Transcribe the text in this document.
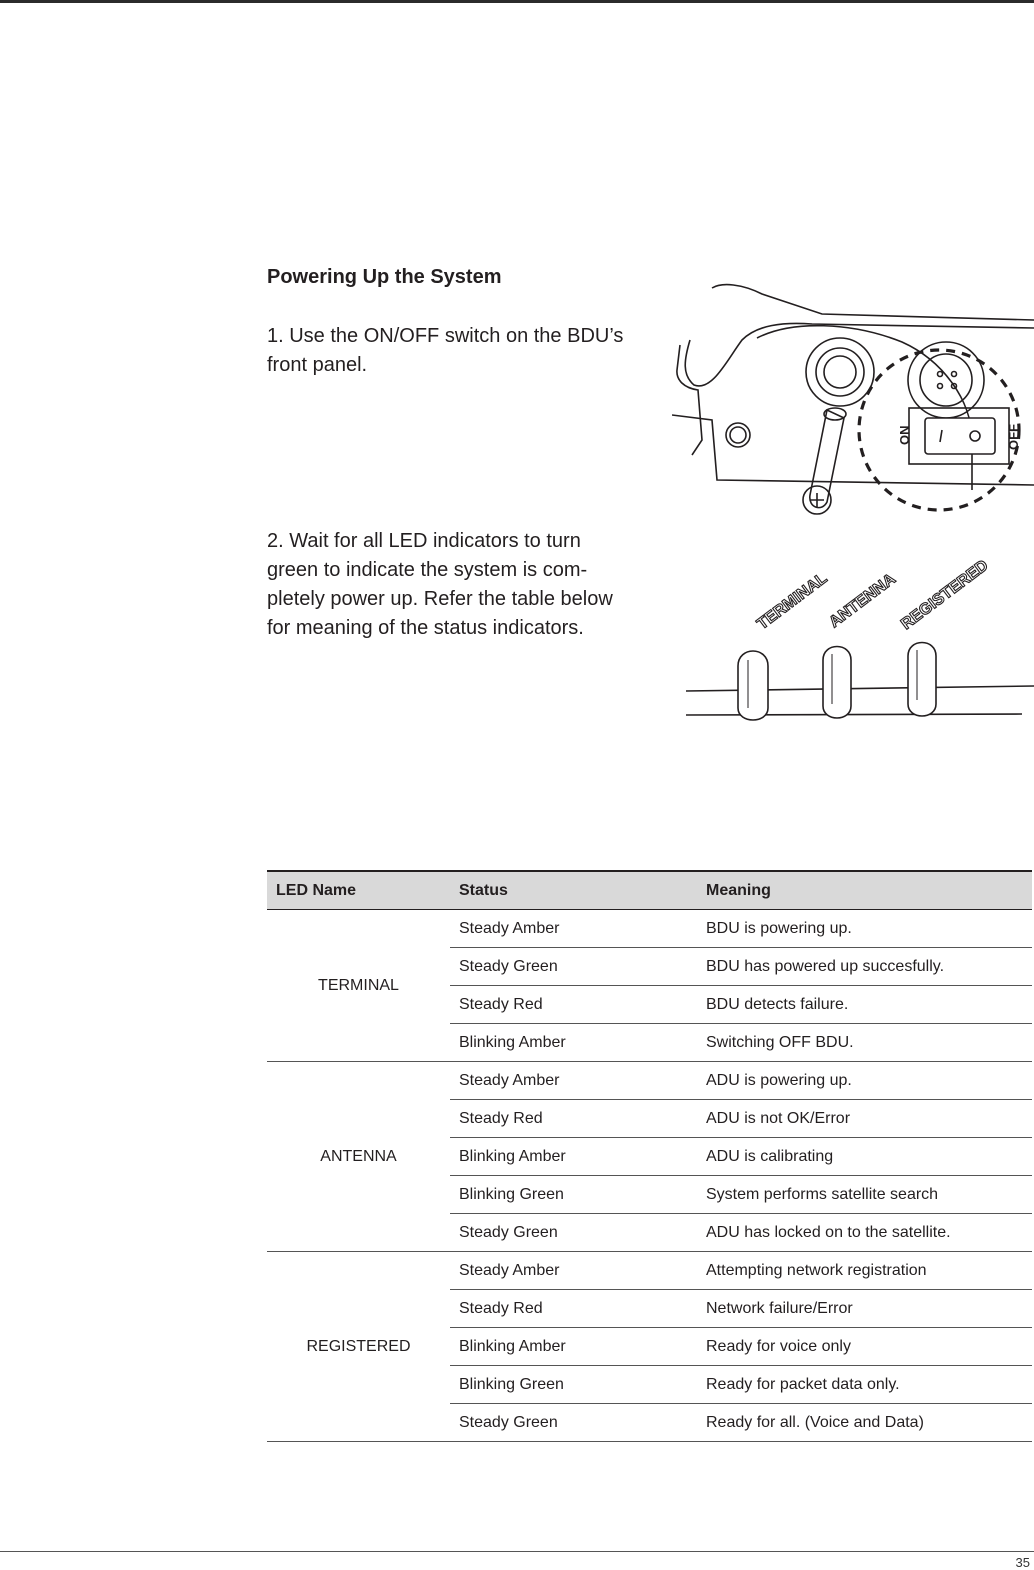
Powering Up the System
1. Use the ON/OFF switch on the BDU’s front panel.
2. Wait for all LED indicators to turn green to indicate the system is com- pletely power up. Refer the table below for meaning of the status indicators.
ON	OFF
TERMINAL
ANTENNA REGISTERED
LED Name	Status	Meaning
TERMINAL	Steady Amber	BDU is powering up.
	Steady Green	BDU has powered up succesfully.
	Steady Red	BDU detects failure.
	Blinking Amber	Switching OFF BDU.
ANTENNA	Steady Amber	ADU is powering up.
	Steady Red	ADU is not OK/Error
	Blinking Amber	ADU is calibrating
	Blinking Green	System performs satellite search
	Steady Green	ADU has locked on to the satellite.
REGISTERED	Steady Amber	Attempting network registration
	Steady Red	Network failure/Error
	Blinking Amber	Ready for voice only
	Blinking Green	Ready for packet data only.
	Steady Green	Ready for all. (Voice and Data)
35
